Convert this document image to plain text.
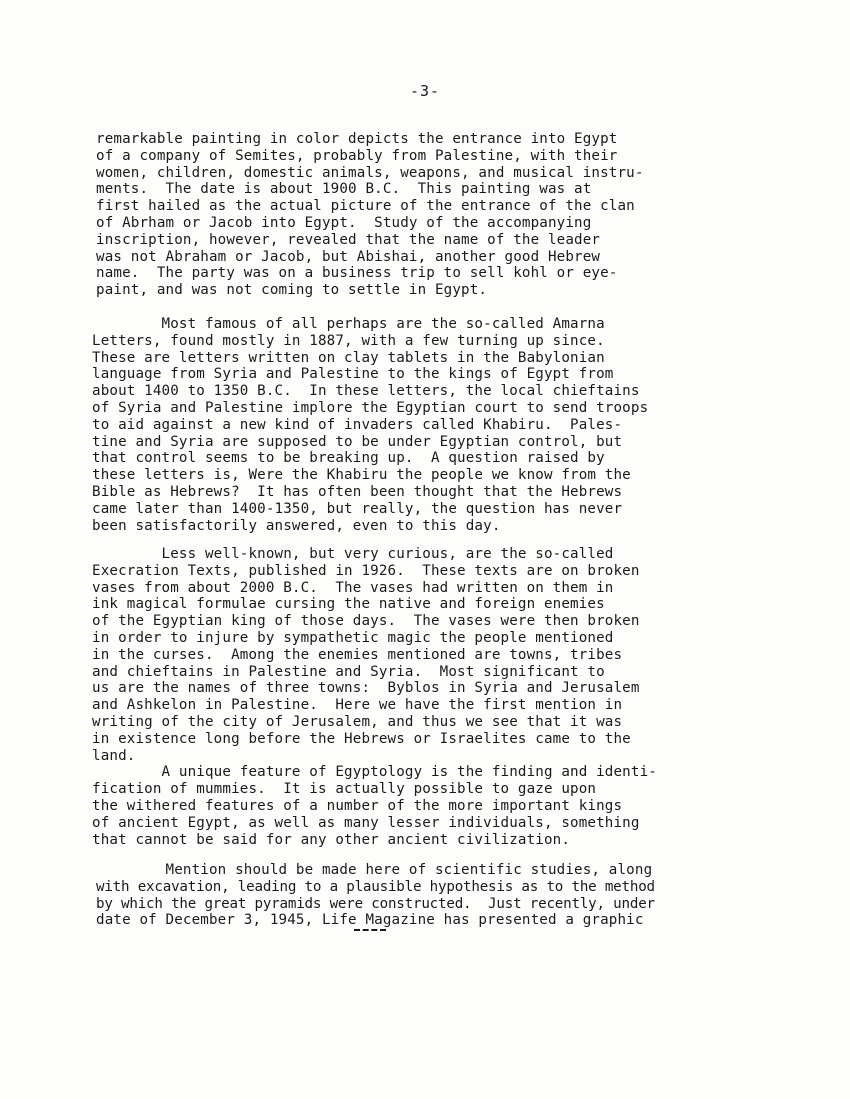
-3-
remarkable painting in color depicts the entrance into Egypt
of a company of Semites, probably from Palestine, with their
women, children, domestic animals, weapons, and musical instru-
ments.  The date is about 1900 B.C.  This painting was at
first hailed as the actual picture of the entrance of the clan
of Abrham or Jacob into Egypt.  Study of the accompanying
inscription, however, revealed that the name of the leader
was not Abraham or Jacob, but Abishai, another good Hebrew
name.  The party was on a business trip to sell kohl or eye-
paint, and was not coming to settle in Egypt.
Most famous of all perhaps are the so-called Amarna
Letters, found mostly in 1887, with a few turning up since.
These are letters written on clay tablets in the Babylonian
language from Syria and Palestine to the kings of Egypt from
about 1400 to 1350 B.C.  In these letters, the local chieftains
of Syria and Palestine implore the Egyptian court to send troops
to aid against a new kind of invaders called Khabiru.  Pales-
tine and Syria are supposed to be under Egyptian control, but
that control seems to be breaking up.  A question raised by
these letters is, Were the Khabiru the people we know from the
Bible as Hebrews?  It has often been thought that the Hebrews
came later than 1400-1350, but really, the question has never
been satisfactorily answered, even to this day.
Less well-known, but very curious, are the so-called
Execration Texts, published in 1926.  These texts are on broken
vases from about 2000 B.C.  The vases had written on them in
ink magical formulae cursing the native and foreign enemies
of the Egyptian king of those days.  The vases were then broken
in order to injure by sympathetic magic the people mentioned
in the curses.  Among the enemies mentioned are towns, tribes
and chieftains in Palestine and Syria.  Most significant to
us are the names of three towns:  Byblos in Syria and Jerusalem
and Ashkelon in Palestine.  Here we have the first mention in
writing of the city of Jerusalem, and thus we see that it was
in existence long before the Hebrews or Israelites came to the
land.
A unique feature of Egyptology is the finding and identi-
fication of mummies.  It is actually possible to gaze upon
the withered features of a number of the more important kings
of ancient Egypt, as well as many lesser individuals, something
that cannot be said for any other ancient civilization.
Mention should be made here of scientific studies, along
with excavation, leading to a plausible hypothesis as to the method
by which the great pyramids were constructed.  Just recently, under
date of December 3, 1945, Life Magazine has presented a graphic
